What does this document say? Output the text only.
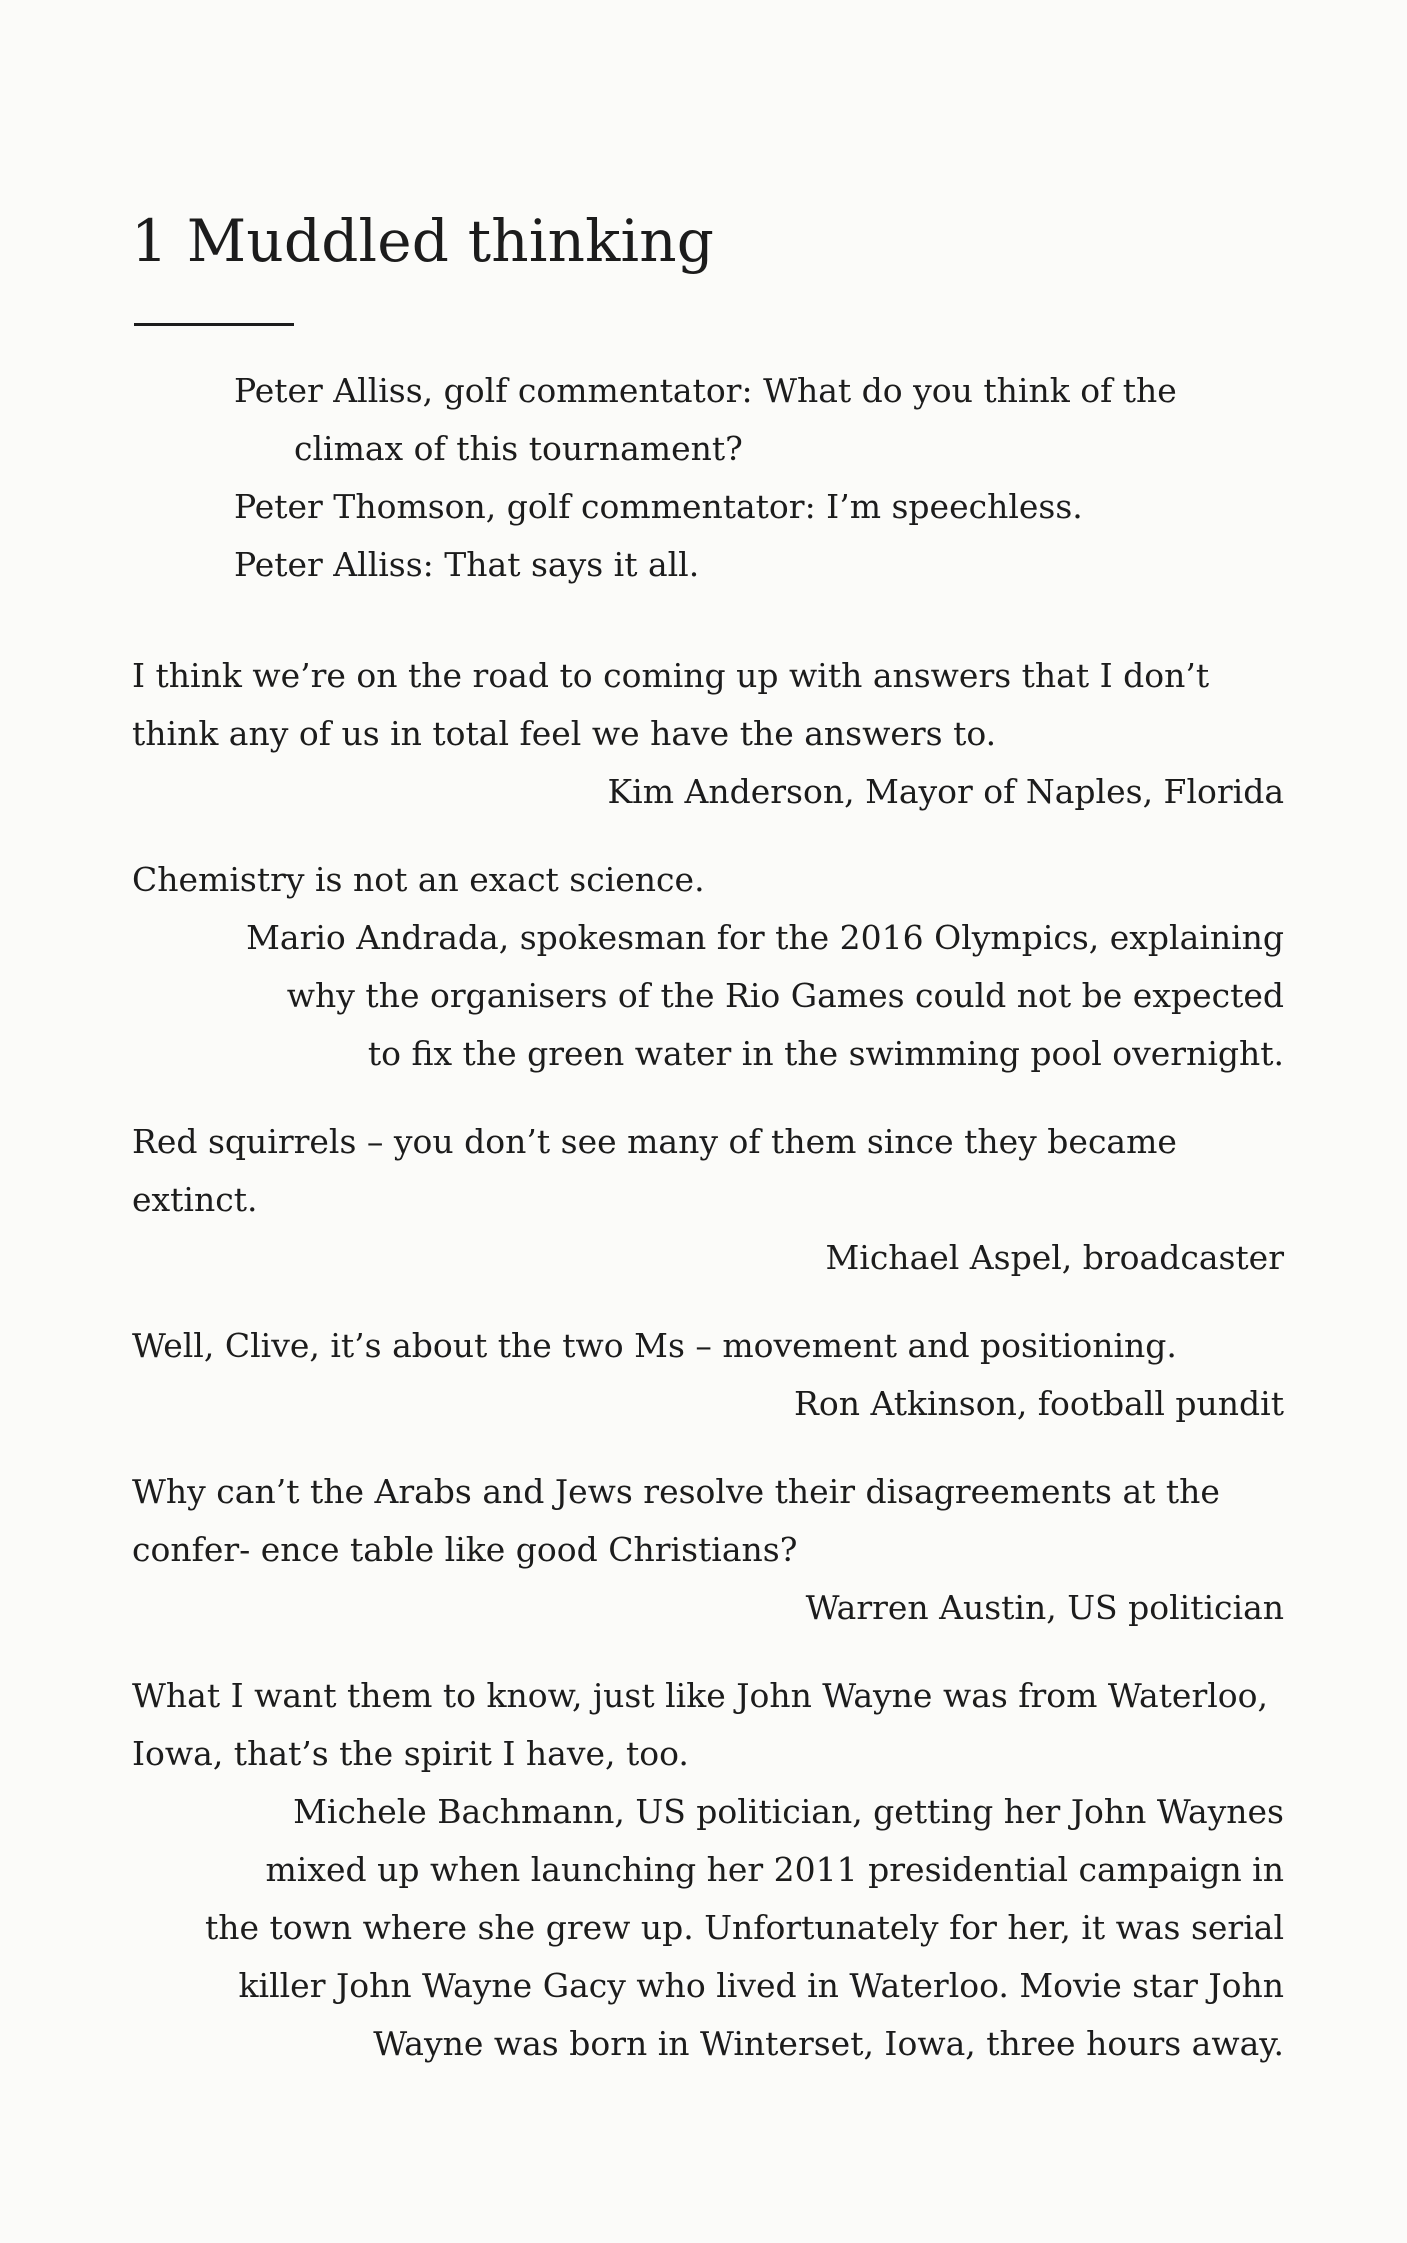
1 Muddled thinking

Peter Alliss, golf commentator: What do you think of the climax of this tournament?

Peter Thomson, golf commentator: I’m speechless.

Peter Alliss: That says it all.

I think we’re on the road to coming up with answers that I don’t think any of us in total feel we have the answers to.

Kim Anderson, Mayor of Naples, Florida

Chemistry is not an exact science.

Mario Andrada, spokesman for the 2016 Olympics, explaining
why the organisers of the Rio Games could not be expected
to fix the green water in the swimming pool overnight.

Red squirrels – you don’t see many of them since they became extinct.

Michael Aspel, broadcaster

Well, Clive, it’s about the two Ms – movement and positioning.

Ron Atkinson, football pundit

Why can’t the Arabs and Jews resolve their disagreements at the confer- ence table like good Christians?

Warren Austin, US politician

What I want them to know, just like John Wayne was from Waterloo, Iowa, that’s the spirit I have, too.

Michele Bachmann, US politician, getting her John Waynes
mixed up when launching her 2011 presidential campaign in
the town where she grew up. Unfortunately for her, it was serial
killer John Wayne Gacy who lived in Waterloo. Movie star John
Wayne was born in Winterset, Iowa, three hours away.
